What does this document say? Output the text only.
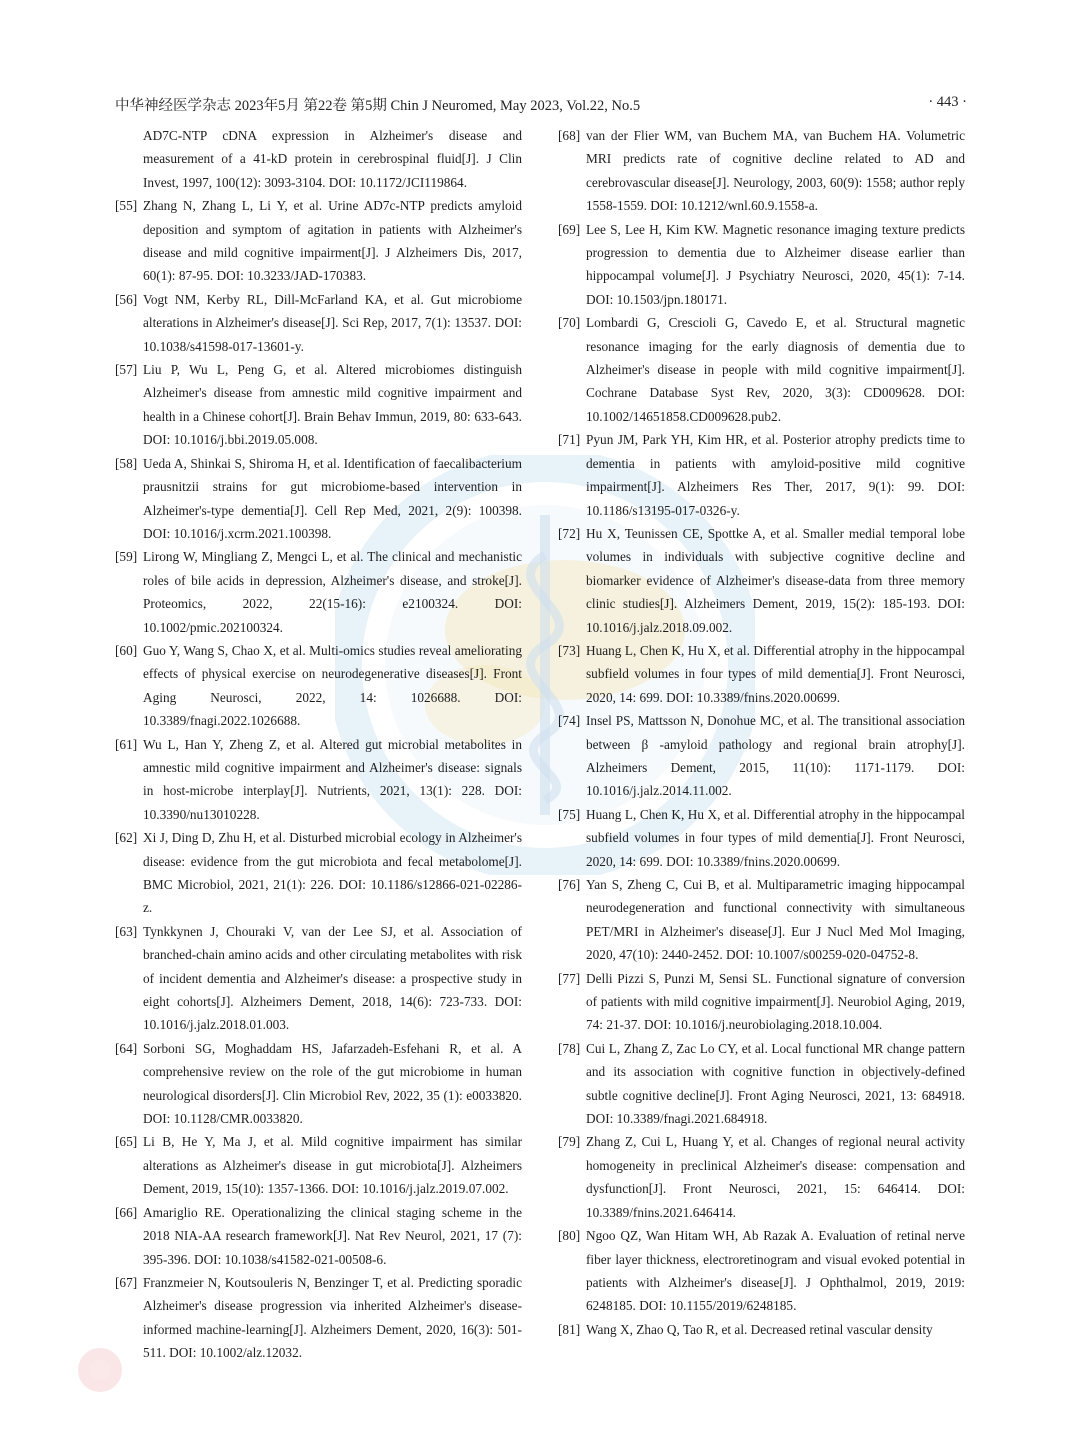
中华神经医学杂志 2023年5月 第22卷 第5期 Chin J Neuromed, May 2023, Vol.22, No.5	· 443 ·

AD7C-NTP cDNA expression in Alzheimer's disease and measurement of a 41-kD protein in cerebrospinal fluid[J]. J Clin Invest, 1997, 100(12): 3093-3104. DOI: 10.1172/JCI119864.

[55] Zhang N, Zhang L, Li Y, et al. Urine AD7c-NTP predicts amyloid deposition and symptom of agitation in patients with Alzheimer's disease and mild cognitive impairment[J]. J Alzheimers Dis, 2017, 60(1): 87-95. DOI: 10.3233/JAD-170383.

[56] Vogt NM, Kerby RL, Dill-McFarland KA, et al. Gut microbiome alterations in Alzheimer's disease[J]. Sci Rep, 2017, 7(1): 13537. DOI: 10.1038/s41598-017-13601-y.

[57] Liu P, Wu L, Peng G, et al. Altered microbiomes distinguish Alzheimer's disease from amnestic mild cognitive impairment and health in a Chinese cohort[J]. Brain Behav Immun, 2019, 80: 633-643. DOI: 10.1016/j.bbi.2019.05.008.

[58] Ueda A, Shinkai S, Shiroma H, et al. Identification of faecalibacterium prausnitzii strains for gut microbiome-based intervention in Alzheimer's-type dementia[J]. Cell Rep Med, 2021, 2(9): 100398. DOI: 10.1016/j.xcrm.2021.100398.

[59] Lirong W, Mingliang Z, Mengci L, et al. The clinical and mechanistic roles of bile acids in depression, Alzheimer's disease, and stroke[J]. Proteomics, 2022, 22(15-16): e2100324. DOI: 10.1002/pmic.202100324.

[60] Guo Y, Wang S, Chao X, et al. Multi-omics studies reveal ameliorating effects of physical exercise on neurodegenerative diseases[J]. Front Aging Neurosci, 2022, 14: 1026688. DOI: 10.3389/fnagi.2022.1026688.

[61] Wu L, Han Y, Zheng Z, et al. Altered gut microbial metabolites in amnestic mild cognitive impairment and Alzheimer's disease: signals in host-microbe interplay[J]. Nutrients, 2021, 13(1): 228. DOI: 10.3390/nu13010228.

[62] Xi J, Ding D, Zhu H, et al. Disturbed microbial ecology in Alzheimer's disease: evidence from the gut microbiota and fecal metabolome[J]. BMC Microbiol, 2021, 21(1): 226. DOI: 10.1186/s12866-021-02286-z.

[63] Tynkkynen J, Chouraki V, van der Lee SJ, et al. Association of branched-chain amino acids and other circulating metabolites with risk of incident dementia and Alzheimer's disease: a prospective study in eight cohorts[J]. Alzheimers Dement, 2018, 14(6): 723-733. DOI: 10.1016/j.jalz.2018.01.003.

[64] Sorboni SG, Moghaddam HS, Jafarzadeh-Esfehani R, et al. A comprehensive review on the role of the gut microbiome in human neurological disorders[J]. Clin Microbiol Rev, 2022, 35 (1): e0033820. DOI: 10.1128/CMR.0033820.

[65] Li B, He Y, Ma J, et al. Mild cognitive impairment has similar alterations as Alzheimer's disease in gut microbiota[J]. Alzheimers Dement, 2019, 15(10): 1357-1366. DOI: 10.1016/j.jalz.2019.07.002.

[66] Amariglio RE. Operationalizing the clinical staging scheme in the 2018 NIA-AA research framework[J]. Nat Rev Neurol, 2021, 17 (7): 395-396. DOI: 10.1038/s41582-021-00508-6.

[67] Franzmeier N, Koutsouleris N, Benzinger T, et al. Predicting sporadic Alzheimer's disease progression via inherited Alzheimer's disease-informed machine-learning[J]. Alzheimers Dement, 2020, 16(3): 501-511. DOI: 10.1002/alz.12032.

[68] van der Flier WM, van Buchem MA, van Buchem HA. Volumetric MRI predicts rate of cognitive decline related to AD and cerebrovascular disease[J]. Neurology, 2003, 60(9): 1558; author reply 1558-1559. DOI: 10.1212/wnl.60.9.1558-a.

[69] Lee S, Lee H, Kim KW. Magnetic resonance imaging texture predicts progression to dementia due to Alzheimer disease earlier than hippocampal volume[J]. J Psychiatry Neurosci, 2020, 45(1): 7-14. DOI: 10.1503/jpn.180171.

[70] Lombardi G, Crescioli G, Cavedo E, et al. Structural magnetic resonance imaging for the early diagnosis of dementia due to Alzheimer's disease in people with mild cognitive impairment[J]. Cochrane Database Syst Rev, 2020, 3(3): CD009628. DOI: 10.1002/14651858.CD009628.pub2.

[71] Pyun JM, Park YH, Kim HR, et al. Posterior atrophy predicts time to dementia in patients with amyloid-positive mild cognitive impairment[J]. Alzheimers Res Ther, 2017, 9(1): 99. DOI: 10.1186/s13195-017-0326-y.

[72] Hu X, Teunissen CE, Spottke A, et al. Smaller medial temporal lobe volumes in individuals with subjective cognitive decline and biomarker evidence of Alzheimer's disease-data from three memory clinic studies[J]. Alzheimers Dement, 2019, 15(2): 185-193. DOI: 10.1016/j.jalz.2018.09.002.

[73] Huang L, Chen K, Hu X, et al. Differential atrophy in the hippocampal subfield volumes in four types of mild dementia[J]. Front Neurosci, 2020, 14: 699. DOI: 10.3389/fnins.2020.00699.

[74] Insel PS, Mattsson N, Donohue MC, et al. The transitional association between β -amyloid pathology and regional brain atrophy[J]. Alzheimers Dement, 2015, 11(10): 1171-1179. DOI: 10.1016/j.jalz.2014.11.002.

[75] Huang L, Chen K, Hu X, et al. Differential atrophy in the hippocampal subfield volumes in four types of mild dementia[J]. Front Neurosci, 2020, 14: 699. DOI: 10.3389/fnins.2020.00699.

[76] Yan S, Zheng C, Cui B, et al. Multiparametric imaging hippocampal neurodegeneration and functional connectivity with simultaneous PET/MRI in Alzheimer's disease[J]. Eur J Nucl Med Mol Imaging, 2020, 47(10): 2440-2452. DOI: 10.1007/s00259-020-04752-8.

[77] Delli Pizzi S, Punzi M, Sensi SL. Functional signature of conversion of patients with mild cognitive impairment[J]. Neurobiol Aging, 2019, 74: 21-37. DOI: 10.1016/j.neurobiolaging.2018.10.004.

[78] Cui L, Zhang Z, Zac Lo CY, et al. Local functional MR change pattern and its association with cognitive function in objectively-defined subtle cognitive decline[J]. Front Aging Neurosci, 2021, 13: 684918. DOI: 10.3389/fnagi.2021.684918.

[79] Zhang Z, Cui L, Huang Y, et al. Changes of regional neural activity homogeneity in preclinical Alzheimer's disease: compensation and dysfunction[J]. Front Neurosci, 2021, 15: 646414. DOI: 10.3389/fnins.2021.646414.

[80] Ngoo QZ, Wan Hitam WH, Ab Razak A. Evaluation of retinal nerve fiber layer thickness, electroretinogram and visual evoked potential in patients with Alzheimer's disease[J]. J Ophthalmol, 2019, 2019: 6248185. DOI: 10.1155/2019/6248185.

[81] Wang X, Zhao Q, Tao R, et al. Decreased retinal vascular density
